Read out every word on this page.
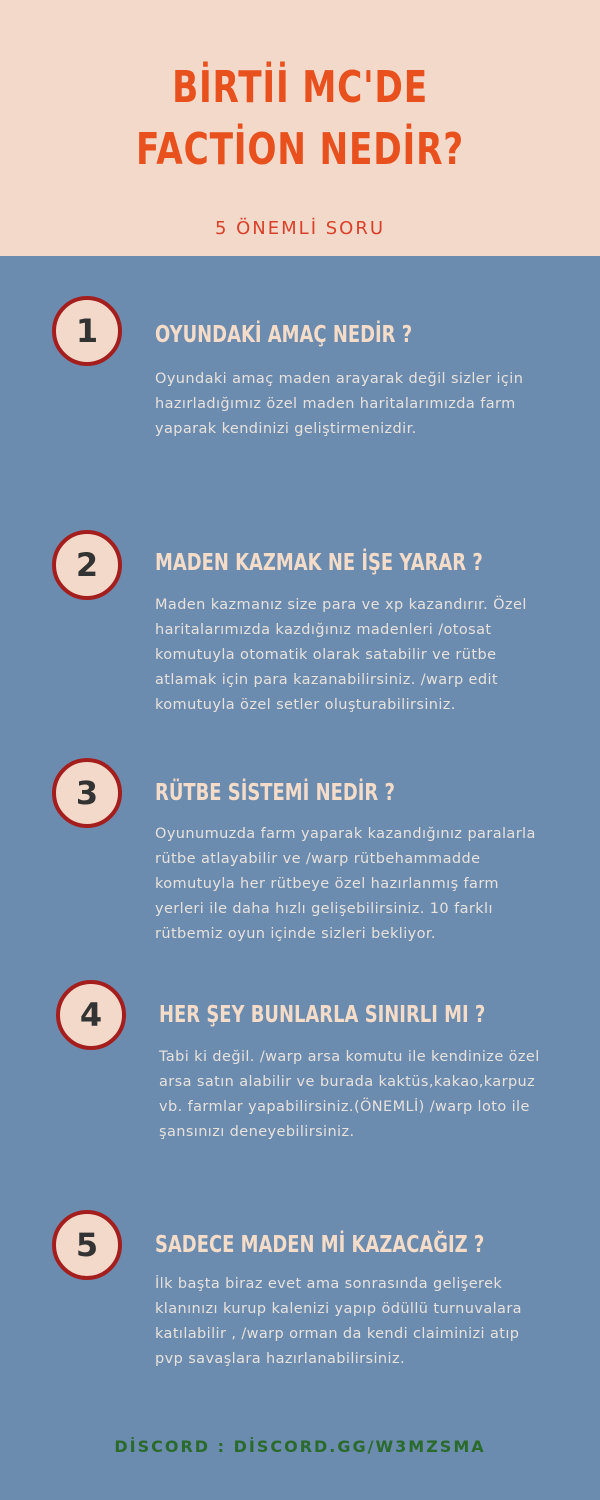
BİRTİİ MC'DE
FACTİON NEDİR?
5 ÖNEMLİ SORU
1	OYUNDAKİ AMAÇ NEDİR ?
Oyundaki amaç maden arayarak değil sizler için hazırladığımız özel maden haritalarımızda farm yaparak kendinizi geliştirmenizdir.
2	MADEN KAZMAK NE İŞE YARAR ?
Maden kazmanız size para ve xp kazandırır. Özel haritalarımızda kazdığınız madenleri /otosat komutuyla otomatik olarak satabilir ve rütbe atlamak için para kazanabilirsiniz. /warp edit komutuyla özel setler oluşturabilirsiniz.
3	RÜTBE SİSTEMİ NEDİR ?
Oyunumuzda farm yaparak kazandığınız paralarla rütbe atlayabilir ve /warp rütbehammadde komutuyla her rütbeye özel hazırlanmış farm yerleri ile daha hızlı gelişebilirsiniz. 10 farklı rütbemiz oyun içinde sizleri bekliyor.
4	HER ŞEY BUNLARLA SINIRLI MI ?
Tabi ki değil. /warp arsa komutu ile kendinize özel arsa satın alabilir ve burada kaktüs,kakao,karpuz vb. farmlar yapabilirsiniz.(ÖNEMLİ) /warp loto ile şansınızı deneyebilirsiniz.
5	SADECE MADEN Mİ KAZACAĞIZ ?
İlk başta biraz evet ama sonrasında gelişerek klanınızı kurup kalenizi yapıp ödüllü turnuvalara katılabilir , /warp orman da kendi claiminizi atıp pvp savaşlara hazırlanabilirsiniz.
DİSCORD : DİSCORD.GG/W3MZSMA
